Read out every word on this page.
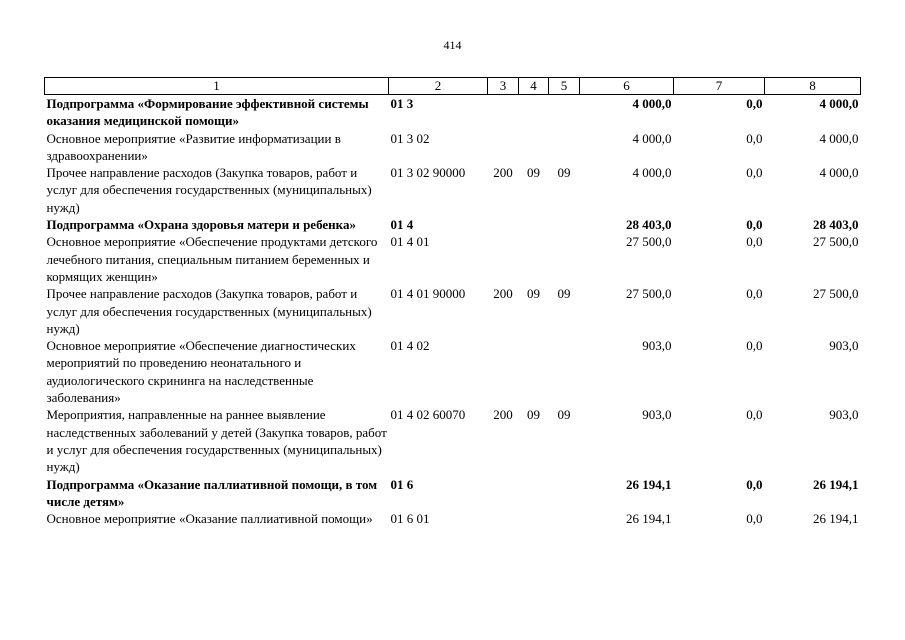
414
1	2	3	4	5	6	7	8
Подпрограмма «Формирование эффективной системы оказания медицинской помощи»	01 3				4 000,0	0,0	4 000,0
Основное мероприятие «Развитие информатизации в здравоохранении»	01 3 02				4 000,0	0,0	4 000,0
Прочее направление расходов (Закупка товаров, работ и услуг для обеспечения государственных (муниципальных) нужд)	01 3 02 90000	200	09	09	4 000,0	0,0	4 000,0
Подпрограмма «Охрана здоровья матери и ребенка»	01 4				28 403,0	0,0	28 403,0
Основное мероприятие «Обеспечение продуктами детского лечебного питания, специальным питанием беременных и кормящих женщин»	01 4 01				27 500,0	0,0	27 500,0
Прочее направление расходов (Закупка товаров, работ и услуг для обеспечения государственных (муниципальных) нужд)	01 4 01 90000	200	09	09	27 500,0	0,0	27 500,0
Основное мероприятие «Обеспечение диагностических мероприятий по проведению неонатального и аудиологического скрининга на наследственные заболевания»	01 4 02				903,0	0,0	903,0
Мероприятия, направленные на раннее выявление наследственных заболеваний у детей (Закупка товаров, работ и услуг для обеспечения государственных (муниципальных) нужд)	01 4 02 60070	200	09	09	903,0	0,0	903,0
Подпрограмма «Оказание паллиативной помощи, в том числе детям»	01 6				26 194,1	0,0	26 194,1
Основное мероприятие «Оказание паллиативной помощи»	01 6 01				26 194,1	0,0	26 194,1
